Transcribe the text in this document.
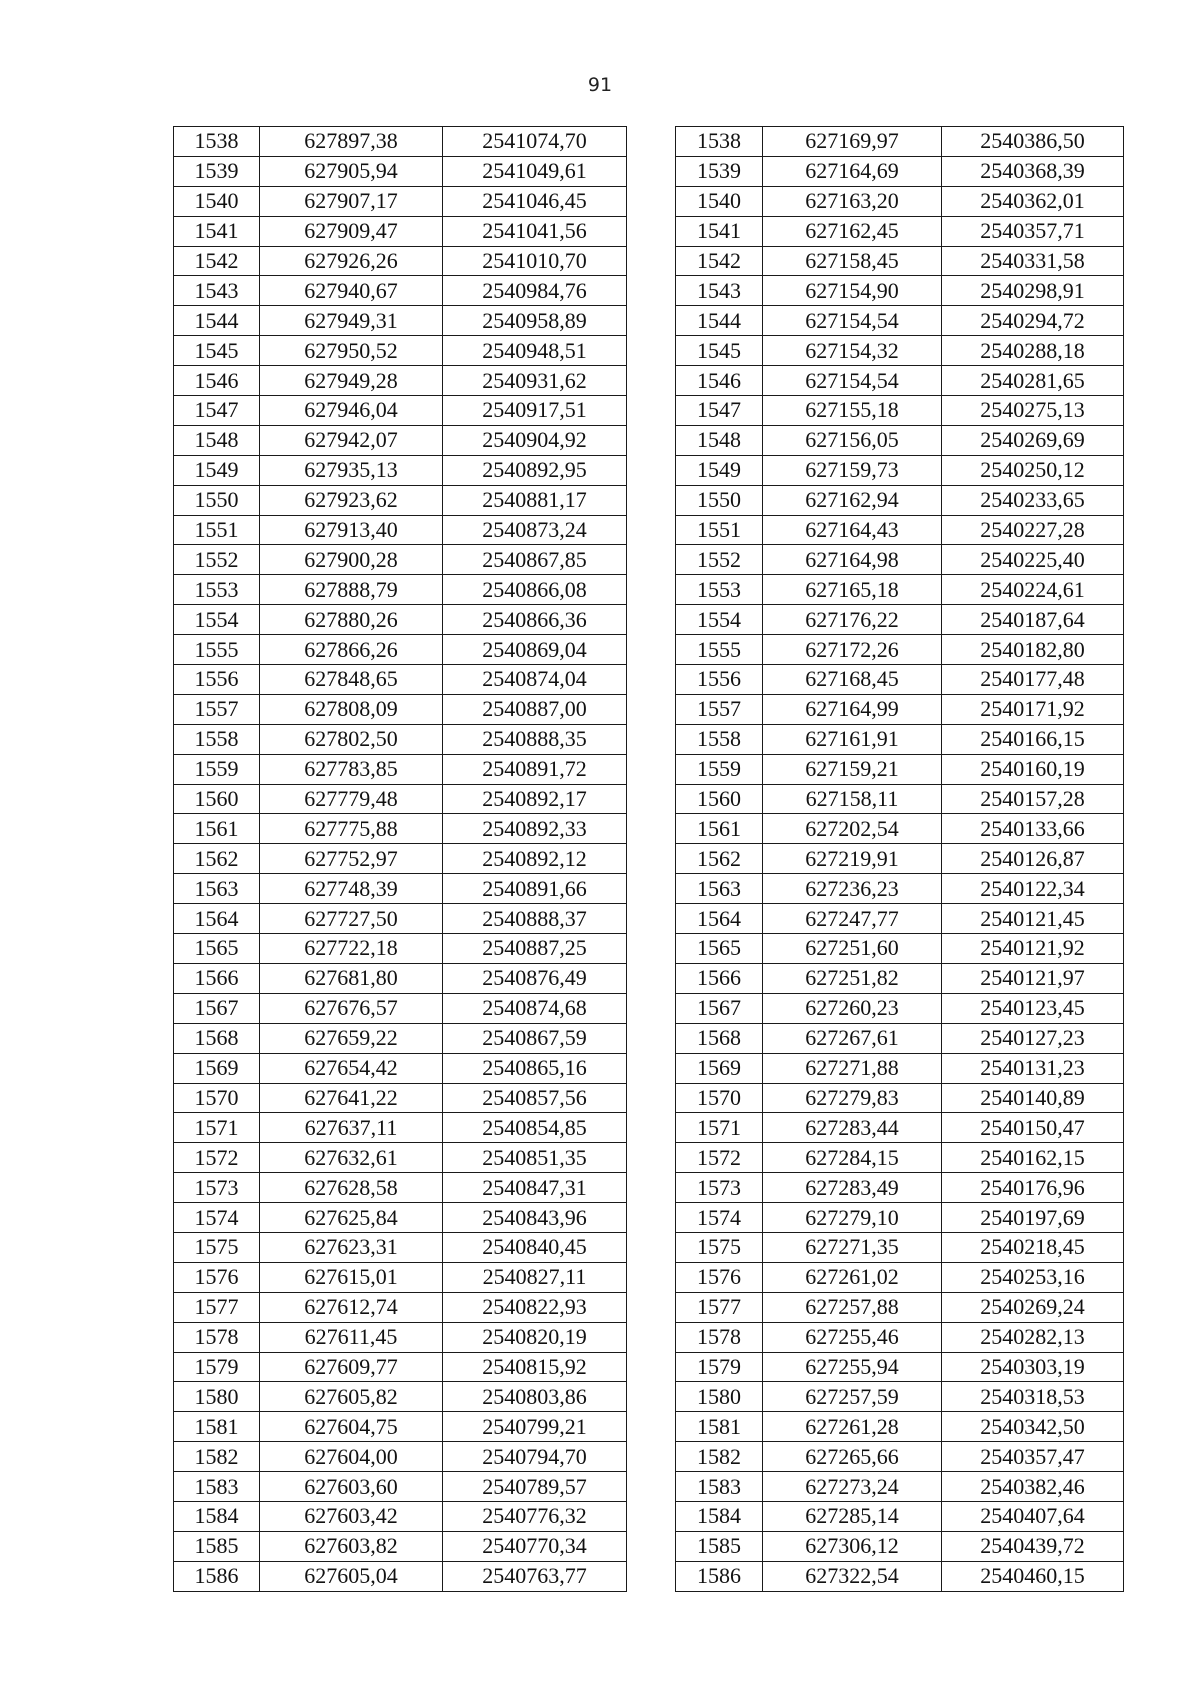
91
1538	627897,38	2541074,70		1538	627169,97	2540386,50
1539	627905,94	2541049,61		1539	627164,69	2540368,39
1540	627907,17	2541046,45		1540	627163,20	2540362,01
1541	627909,47	2541041,56		1541	627162,45	2540357,71
1542	627926,26	2541010,70		1542	627158,45	2540331,58
1543	627940,67	2540984,76		1543	627154,90	2540298,91
1544	627949,31	2540958,89		1544	627154,54	2540294,72
1545	627950,52	2540948,51		1545	627154,32	2540288,18
1546	627949,28	2540931,62		1546	627154,54	2540281,65
1547	627946,04	2540917,51		1547	627155,18	2540275,13
1548	627942,07	2540904,92		1548	627156,05	2540269,69
1549	627935,13	2540892,95		1549	627159,73	2540250,12
1550	627923,62	2540881,17		1550	627162,94	2540233,65
1551	627913,40	2540873,24		1551	627164,43	2540227,28
1552	627900,28	2540867,85		1552	627164,98	2540225,40
1553	627888,79	2540866,08		1553	627165,18	2540224,61
1554	627880,26	2540866,36		1554	627176,22	2540187,64
1555	627866,26	2540869,04		1555	627172,26	2540182,80
1556	627848,65	2540874,04		1556	627168,45	2540177,48
1557	627808,09	2540887,00		1557	627164,99	2540171,92
1558	627802,50	2540888,35		1558	627161,91	2540166,15
1559	627783,85	2540891,72		1559	627159,21	2540160,19
1560	627779,48	2540892,17		1560	627158,11	2540157,28
1561	627775,88	2540892,33		1561	627202,54	2540133,66
1562	627752,97	2540892,12		1562	627219,91	2540126,87
1563	627748,39	2540891,66		1563	627236,23	2540122,34
1564	627727,50	2540888,37		1564	627247,77	2540121,45
1565	627722,18	2540887,25		1565	627251,60	2540121,92
1566	627681,80	2540876,49		1566	627251,82	2540121,97
1567	627676,57	2540874,68		1567	627260,23	2540123,45
1568	627659,22	2540867,59		1568	627267,61	2540127,23
1569	627654,42	2540865,16		1569	627271,88	2540131,23
1570	627641,22	2540857,56		1570	627279,83	2540140,89
1571	627637,11	2540854,85		1571	627283,44	2540150,47
1572	627632,61	2540851,35		1572	627284,15	2540162,15
1573	627628,58	2540847,31		1573	627283,49	2540176,96
1574	627625,84	2540843,96		1574	627279,10	2540197,69
1575	627623,31	2540840,45		1575	627271,35	2540218,45
1576	627615,01	2540827,11		1576	627261,02	2540253,16
1577	627612,74	2540822,93		1577	627257,88	2540269,24
1578	627611,45	2540820,19		1578	627255,46	2540282,13
1579	627609,77	2540815,92		1579	627255,94	2540303,19
1580	627605,82	2540803,86		1580	627257,59	2540318,53
1581	627604,75	2540799,21		1581	627261,28	2540342,50
1582	627604,00	2540794,70		1582	627265,66	2540357,47
1583	627603,60	2540789,57		1583	627273,24	2540382,46
1584	627603,42	2540776,32		1584	627285,14	2540407,64
1585	627603,82	2540770,34		1585	627306,12	2540439,72
1586	627605,04	2540763,77		1586	627322,54	2540460,15
